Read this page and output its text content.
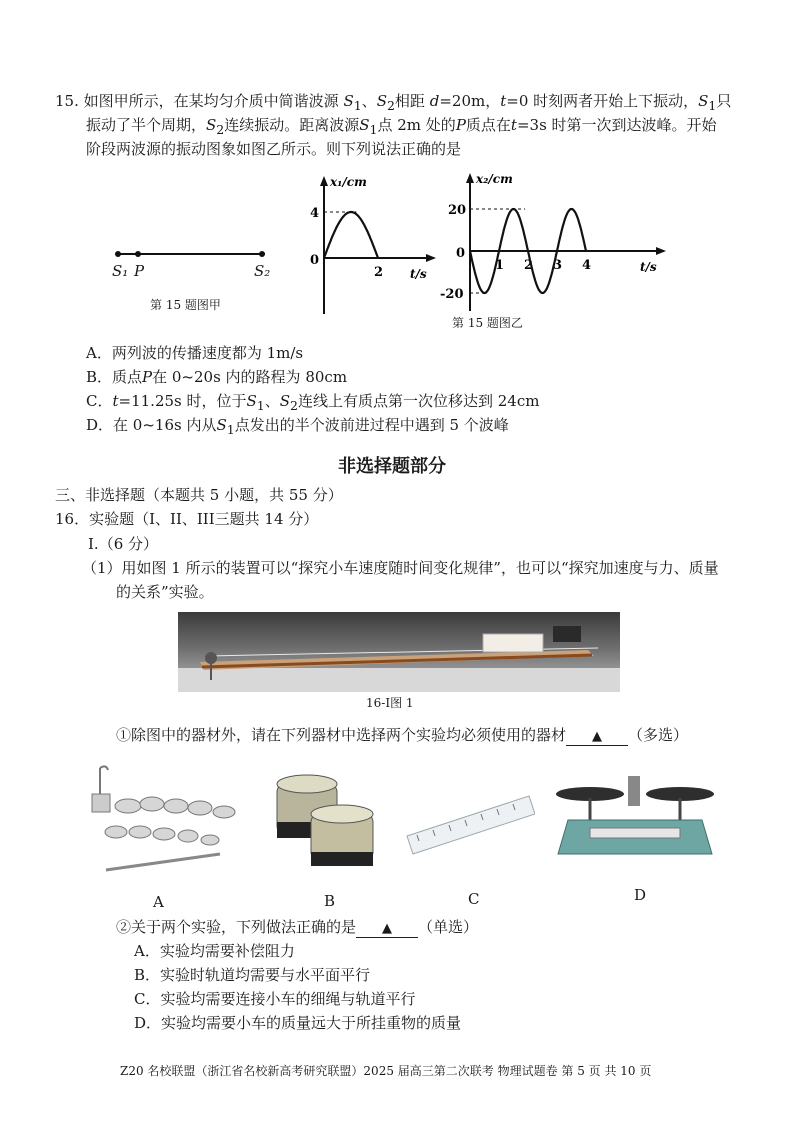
15. 如图甲所示，在某均匀介质中简谐波源 $S_1$、$S_2$相距 d=20m，t=0 时刻两者开始上下振动，$S_1$只
振动了半个周期，$S_2$连续振动。距离波源$S_1$点 2m 处的P质点在t=3s 时第一次到达波峰。开始
阶段两波源的振动图象如图乙所示。则下列说法正确的是
S₁ P	S₂
第 15 题图甲
x₁/cm
t/s
0
4
2
x₂/cm
t/s
0
20
-20
1 2 3 4
第 15 题图乙
A．两列波的传播速度都为 1m/s
B．质点P在 0~20s 内的路程为 80cm
C．t=11.25s 时，位于$S_1$、$S_2$连线上有质点第一次位移达到 24cm
D．在 0~16s 内从$S_1$点发出的半个波前进过程中遇到 5 个波峰
非选择题部分
三、非选择题（本题共 5 小题，共 55 分）
16．实验题（I、II、III三题共 14 分）
I.（6 分）
（1）用如图 1 所示的装置可以“探究小车速度随时间变化规律”，也可以“探究加速度与力、质量
的关系”实验。
16-I图 1
①除图中的器材外，请在下列器材中选择两个实验均必须使用的器材 ▲ （多选）
A	B	C	D
②关于两个实验，下列做法正确的是 ▲ （单选）
A．实验均需要补偿阻力
B．实验时轨道均需要与水平面平行
C．实验均需要连接小车的细绳与轨道平行
D．实验均需要小车的质量远大于所挂重物的质量
Z20 名校联盟（浙江省名校新高考研究联盟）2025 届高三第二次联考 物理试题卷 第 5 页 共 10 页
